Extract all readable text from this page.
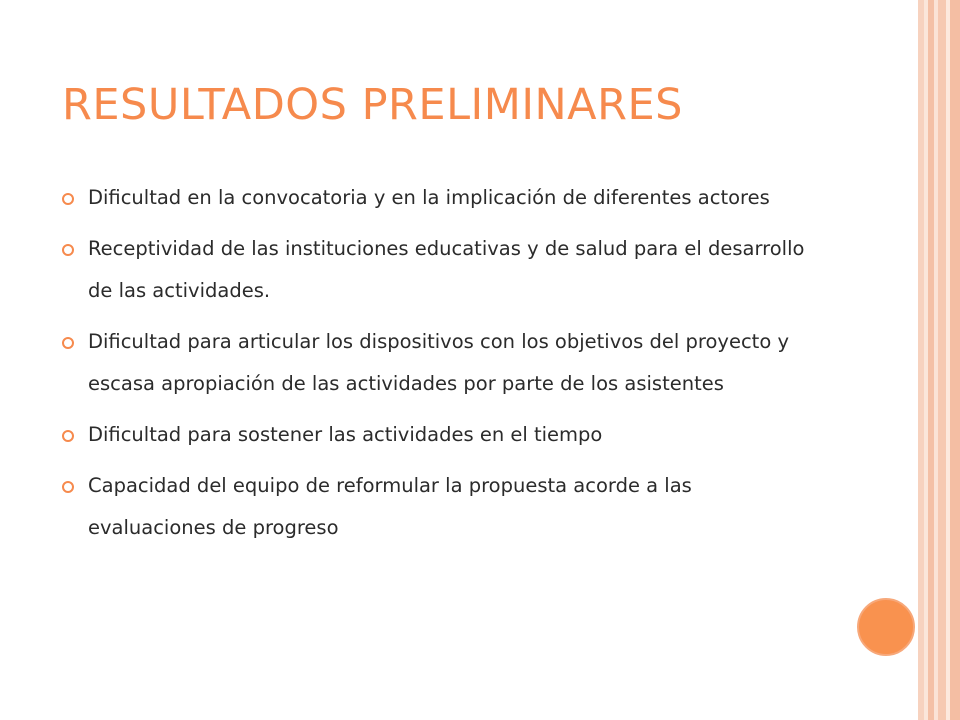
RESULTADOS PRELIMINARES
Dificultad en la convocatoria y en la implicación de diferentes actores
Receptividad de las instituciones educativas y de salud para el desarrollo de las actividades.
Dificultad para articular los dispositivos con los objetivos del proyecto y escasa apropiación de las actividades por parte de los asistentes
Dificultad para sostener las actividades en el tiempo
Capacidad del equipo de reformular la propuesta acorde a las evaluaciones de progreso
